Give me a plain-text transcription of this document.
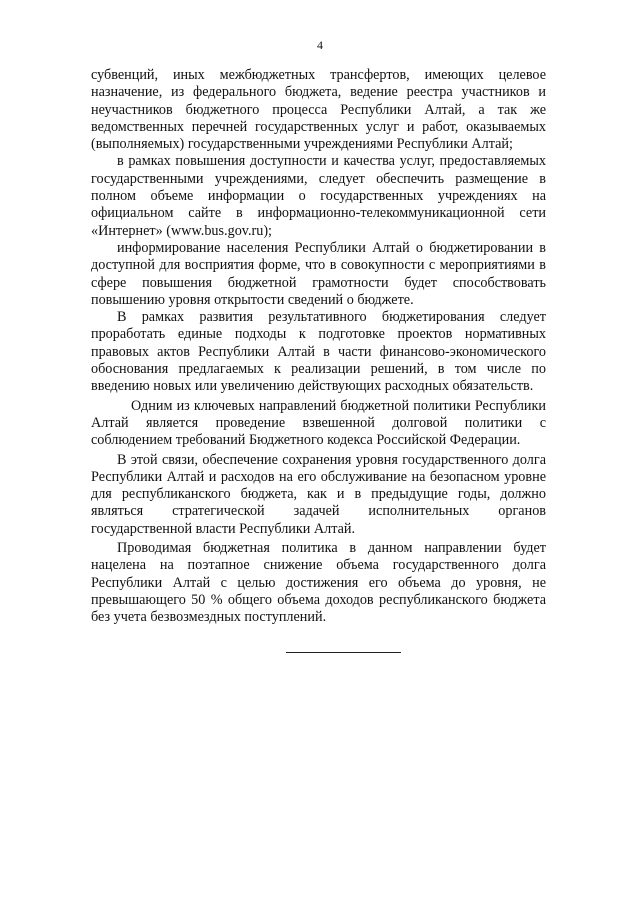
4

субвенций, иных межбюджетных трансфертов, имеющих целевое назначение, из федерального бюджета, ведение реестра участников и неучастников бюджетного процесса Республики Алтай, а так же ведомственных перечней государственных услуг и работ, оказываемых (выполняемых) государственными учреждениями Республики Алтай;

в рамках повышения доступности и качества услуг, предоставляемых государственными учреждениями, следует обеспечить размещение в полном объеме информации о государственных учреждениях на официальном сайте в информационно-телекоммуникационной сети «Интернет» (www.bus.gov.ru);

информирование населения Республики Алтай о бюджетировании в доступной для восприятия форме, что в совокупности с мероприятиями в сфере повышения бюджетной грамотности будет способствовать повышению уровня открытости сведений о бюджете.

В рамках развития результативного бюджетирования следует проработать единые подходы к подготовке проектов нормативных правовых актов Республики Алтай в части финансово-экономического обоснования предлагаемых к реализации решений, в том числе по введению новых или увеличению действующих расходных обязательств.

Одним из ключевых направлений бюджетной политики Республики Алтай является проведение взвешенной долговой политики с соблюдением требований Бюджетного кодекса Российской Федерации.

В этой связи, обеспечение сохранения уровня государственного долга Республики Алтай и расходов на его обслуживание на безопасном уровне для республиканского бюджета, как и в предыдущие годы, должно являться стратегической задачей исполнительных органов государственной власти Республики Алтай.

Проводимая бюджетная политика в данном направлении будет нацелена на поэтапное снижение объема государственного долга Республики Алтай с целью достижения его объема до уровня, не превышающего 50 % общего объема доходов республиканского бюджета без учета безвозмездных поступлений.
